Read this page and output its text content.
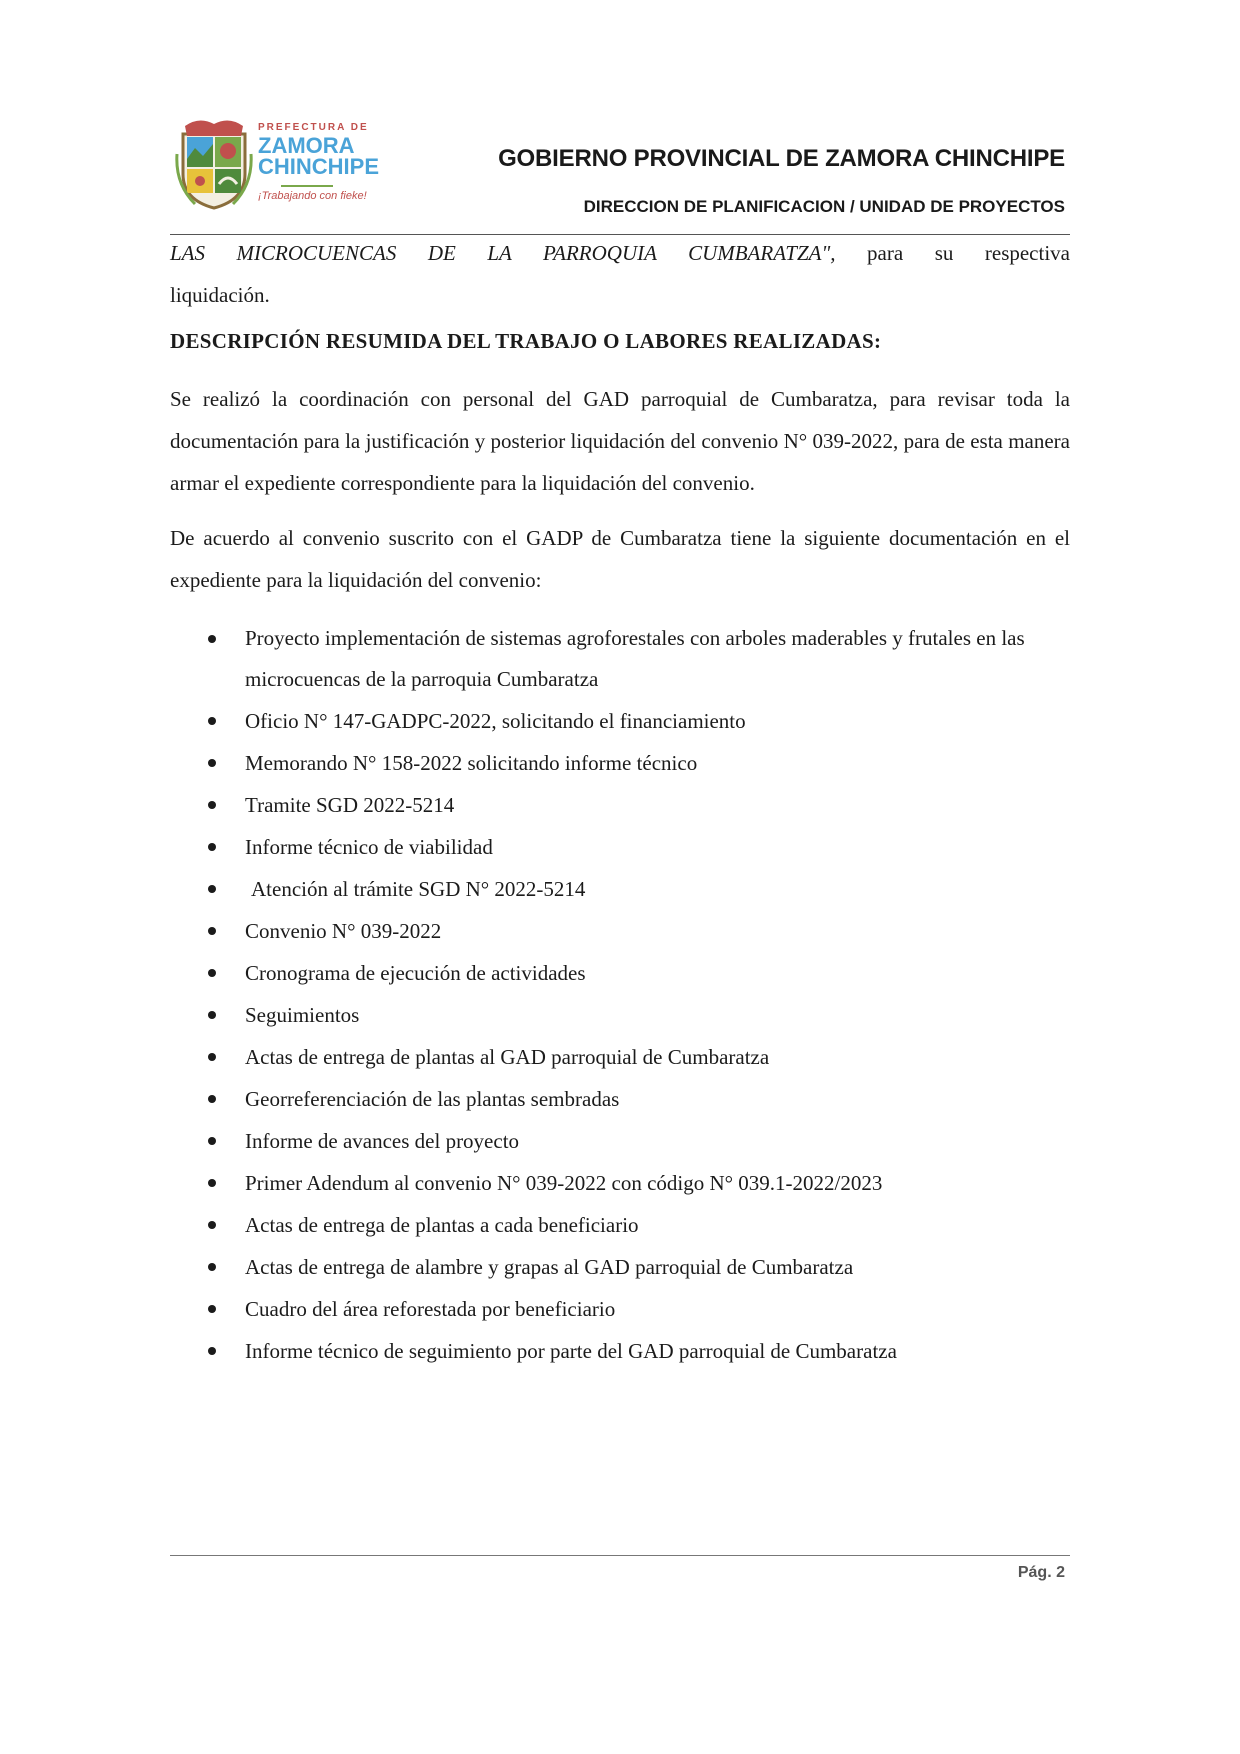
PREFECTURA DE
ZAMORA
CHINCHIPE
¡Trabajando con fieke!
GOBIERNO PROVINCIAL DE ZAMORA CHINCHIPE
DIRECCION DE PLANIFICACION / UNIDAD DE PROYECTOS
LAS MICROCUENCAS DE LA PARROQUIA CUMBARATZA", para su respectiva
liquidación.
DESCRIPCIÓN RESUMIDA DEL TRABAJO O LABORES REALIZADAS:
Se realizó la coordinación con personal del GAD parroquial de Cumbaratza, para revisar toda la documentación para la justificación y posterior liquidación del convenio N° 039-2022, para de esta manera armar el expediente correspondiente para la liquidación del convenio.
De acuerdo al convenio suscrito con el GADP de Cumbaratza tiene la siguiente documentación en el expediente para la liquidación del convenio:
Proyecto implementación de sistemas agroforestales con arboles maderables y frutales en las microcuencas de la parroquia Cumbaratza
Oficio N° 147-GADPC-2022, solicitando el financiamiento
Memorando N° 158-2022 solicitando informe técnico
Tramite SGD 2022-5214
Informe técnico de viabilidad
Atención al trámite SGD N° 2022-5214
Convenio N° 039-2022
Cronograma de ejecución de actividades
Seguimientos
Actas de entrega de plantas al GAD parroquial de Cumbaratza
Georreferenciación de las plantas sembradas
Informe de avances del proyecto
Primer Adendum al convenio N° 039-2022 con código N° 039.1-2022/2023
Actas de entrega de plantas a cada beneficiario
Actas de entrega de alambre y grapas al GAD parroquial de Cumbaratza
Cuadro del área reforestada por beneficiario
Informe técnico de seguimiento por parte del GAD parroquial de Cumbaratza
Pág. 2
